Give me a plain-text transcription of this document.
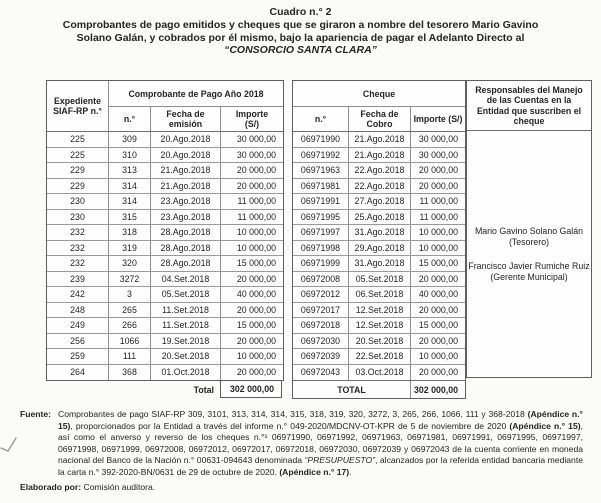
Cuadro n.° 2
Comprobantes de pago emitidos y cheques que se giraron a nombre del tesorero Mario Gavino
Solano Galán, y cobrados por él mismo, bajo la apariencia de pagar el Adelanto Directo al
“CONSORCIO SANTA CLARA”
Expediente SIAF-RP n.°
Comprobante de Pago Año 2018
n.°	Fecha de emisión
Importe (S/)
225	309	20.Ago.2018	30 000,00
225	310	20.Ago.2018	30 000,00
229	313	21.Ago.2018	20 000,00
229	314	21.Ago.2018	20 000,00
230	314	23.Ago.2018	11 000,00
230	315	23.Ago.2018	11 000,00
232	318	28.Ago.2018	10 000,00
232	319	28.Ago.2018	10 000,00
232	320	28.Ago.2018	15 000,00
239	3272	04.Set.2018	20 000,00
242	3	05.Set.2018	40 000,00
248	265	11.Set.2018	20 000,00
249	266	11.Set.2018	15 000,00
256	1066	19.Set.2018	20 000,00
259	111	20.Set.2018	10 000,00
264	368	01.Oct.2018	20 000,00
Total	302 000,00
Cheque
n.°	Fecha de Cobro	Importe (S/)
06971990	21.Ago.2018	30 000,00
06971992	21.Ago.2018	30 000,00
06971963	22.Ago.2018	20 000,00
06971981	22.Ago.2018	20 000,00
06971991	27.Ago.2018	11 000,00
06971995	25.Ago.2018	11 000,00
06971997	31.Ago.2018	10 000,00
06971998	29.Ago.2018	10 000,00
06971999	31.Ago.2018	15 000,00
06972008	05.Set.2018	20 000,00
06972012	06.Set.2018	40 000,00
06972017	12.Set.2018	20 000,00
06972018	12.Set.2018	15 000,00
06972030	20.Set.2018	20 000,00
06972039	22.Set.2018	10 000,00
06972043	03.Oct.2018	20 000,00
TOTAL	302 000,00
Responsables del Manejo de las Cuentas en la Entidad que suscriben el cheque
Mario Gavino Solano Galán
(Tesorero)
Francisco Javier Rumiche Ruiz
(Gerente Municipal)
Fuente: Comprobantes de pago SIAF-RP 309, 3101, 313, 314, 314, 315, 318, 319, 320, 3272, 3, 265, 266, 1066, 111 y 368-2018 (Apéndice n.° 15), proporcionados por la Entidad a través del informe n.° 049-2020/MDCNV-OT-KPR de 5 de noviembre de 2020 (Apéndice n.° 15), así como el anverso y reverso de los cheques n.°ˢ 06971990, 06971992, 06971963, 06971981, 06971991, 06971995, 06971997, 06971998, 06971999, 06972008, 06972012, 06972017, 06972018, 06972030, 06972039 y 06972043 de la cuenta corriente en moneda nacional del Banco de la Nación n.° 00631-094643 denominada “PRESUPUESTO”, alcanzados por la referida entidad bancaria mediante la carta n.° 392-2020-BN/0631 de 29 de octubre de 2020. (Apéndice n.° 17).
Elaborado por: Comisión auditora.
